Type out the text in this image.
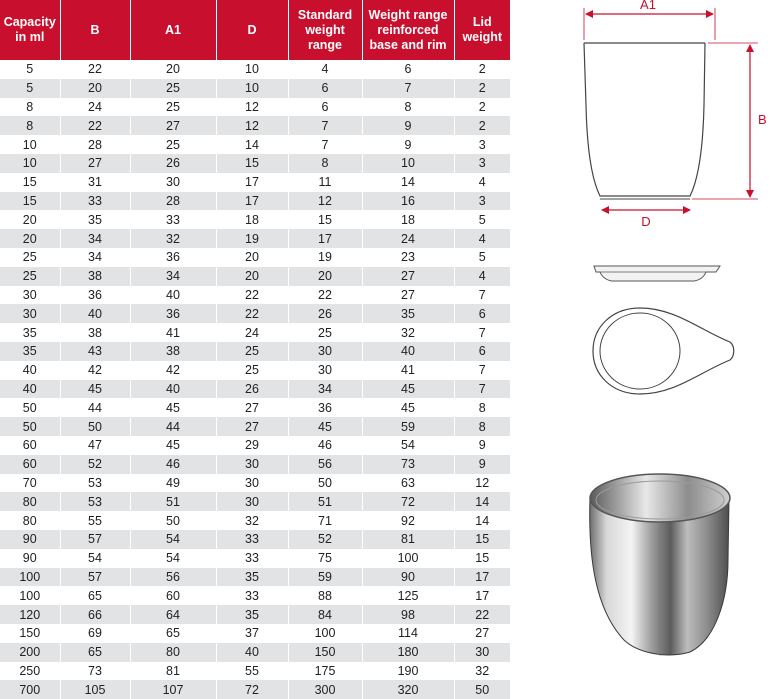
Capacity in ml	B	A1	D	Standard weight range	Weight range reinforced base and rim	Lid weight
5	22	20	10	4	6	2
5	20	25	10	6	7	2
8	24	25	12	6	8	2
8	22	27	12	7	9	2
10	28	25	14	7	9	3
10	27	26	15	8	10	3
15	31	30	17	11	14	4
15	33	28	17	12	16	3
20	35	33	18	15	18	5
20	34	32	19	17	24	4
25	34	36	20	19	23	5
25	38	34	20	20	27	4
30	36	40	22	22	27	7
30	40	36	22	26	35	6
35	38	41	24	25	32	7
35	43	38	25	30	40	6
40	42	42	25	30	41	7
40	45	40	26	34	45	7
50	44	45	27	36	45	8
50	50	44	27	45	59	8
60	47	45	29	46	54	9
60	52	46	30	56	73	9
70	53	49	30	50	63	12
80	53	51	30	51	72	14
80	55	50	32	71	92	14
90	57	54	33	52	81	15
90	54	54	33	75	100	15
100	57	56	35	59	90	17
100	65	60	33	88	125	17
120	66	64	35	84	98	22
150	69	65	37	100	114	27
200	65	80	40	150	180	30
250	73	81	55	175	190	32
700	105	107	72	300	320	50
A1
B
D
